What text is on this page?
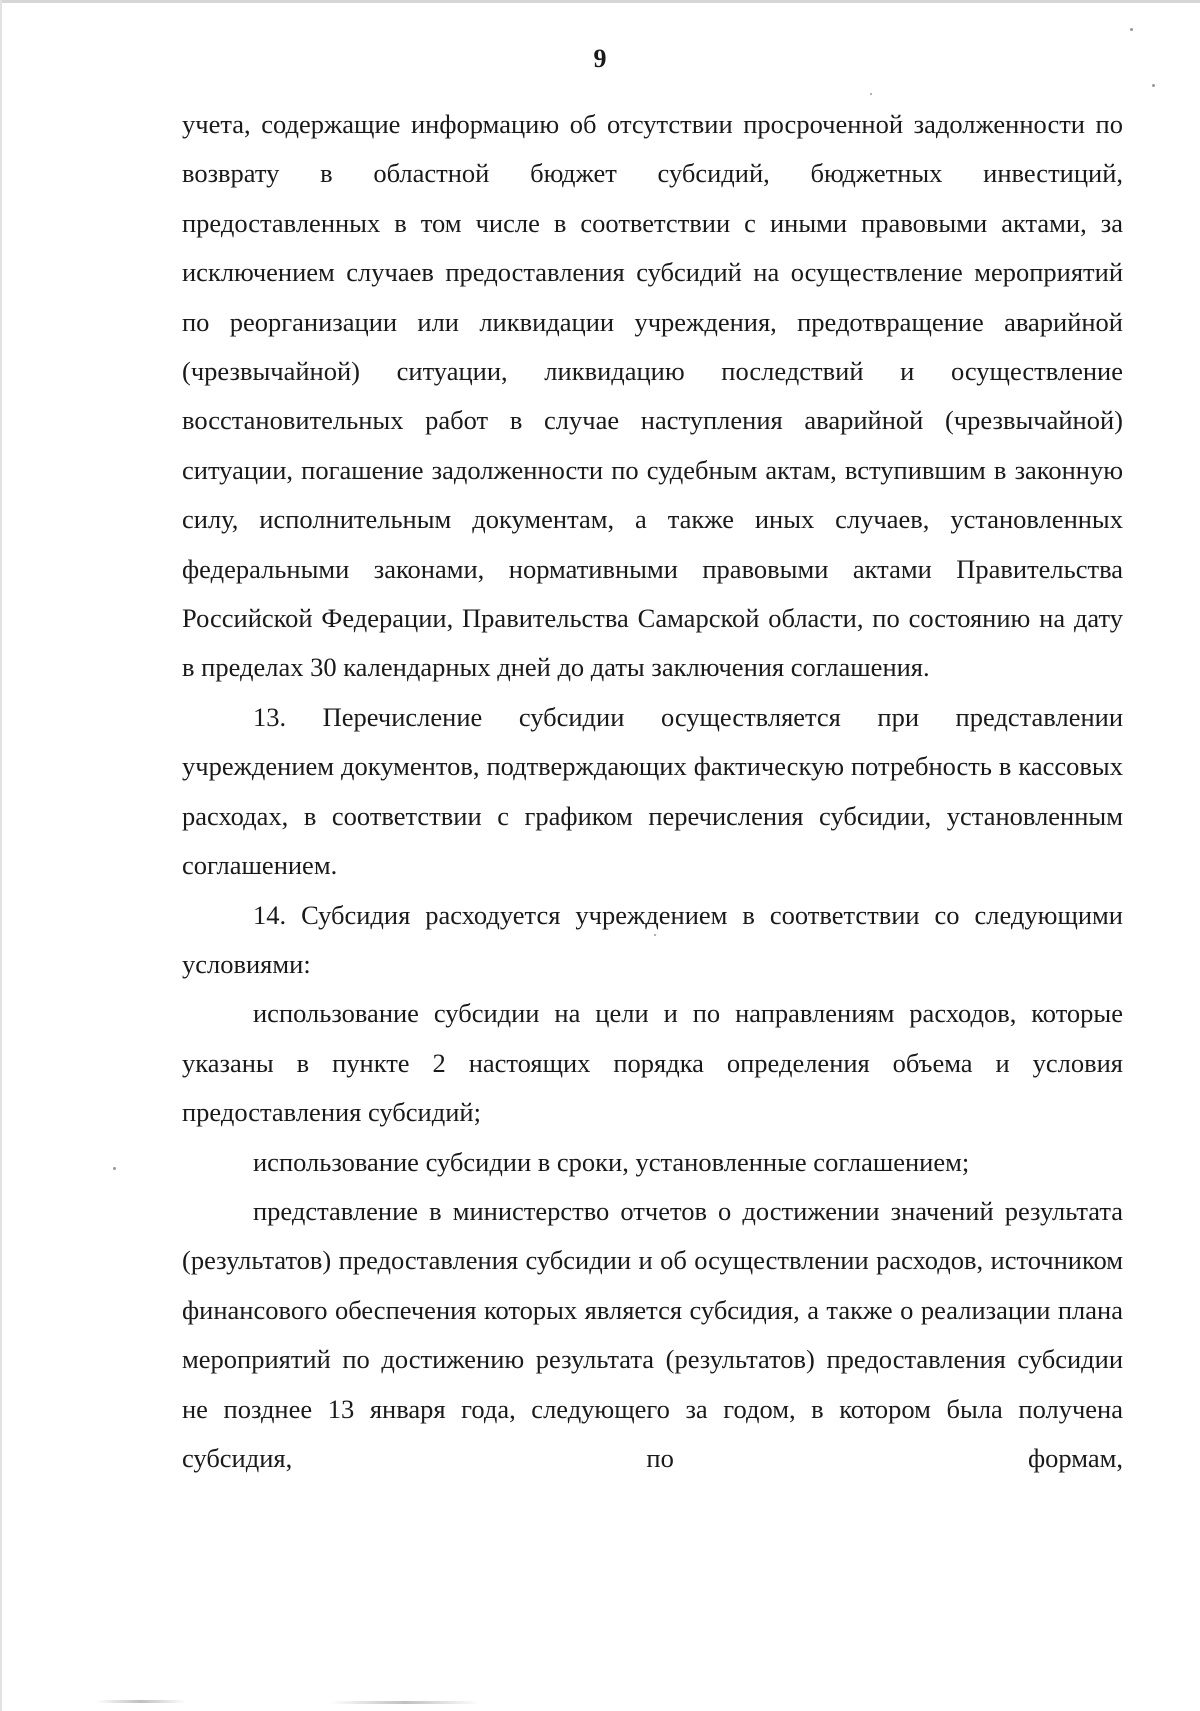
9

учета, содержащие информацию об отсутствии просроченной задолженности по возврату в областной бюджет субсидий, бюджетных инвестиций, предоставленных в том числе в соответствии с иными правовыми актами, за исключением случаев предоставления субсидий на осуществление мероприятий по реорганизации или ликвидации учреждения, предотвращение аварийной (чрезвычайной) ситуации, ликвидацию последствий и осуществление восстановительных работ в случае наступления аварийной (чрезвычайной) ситуации, погашение задолженности по судебным актам, вступившим в законную силу, исполнительным документам, а также иных случаев, установленных федеральными законами, нормативными правовыми актами Правительства Российской Федерации, Правительства Самарской области, по состоянию на дату в пределах 30 календарных дней до даты заключения соглашения.

13. Перечисление субсидии осуществляется при представлении учреждением документов, подтверждающих фактическую потребность в кассовых расходах, в соответствии с графиком перечисления субсидии, установленным соглашением.

14. Субсидия расходуется учреждением в соответствии со следующими условиями:

использование субсидии на цели и по направлениям расходов, которые указаны в пункте 2 настоящих порядка определения объема и условия предоставления субсидий;

использование субсидии в сроки, установленные соглашением;

представление в министерство отчетов о достижении значений результата (результатов) предоставления субсидии и об осуществлении расходов, источником финансового обеспечения которых является субсидия, а также о реализации плана мероприятий по достижению результата (результатов) предоставления субсидии не позднее 13 января года, следующего за годом, в котором была получена субсидия, по формам,
